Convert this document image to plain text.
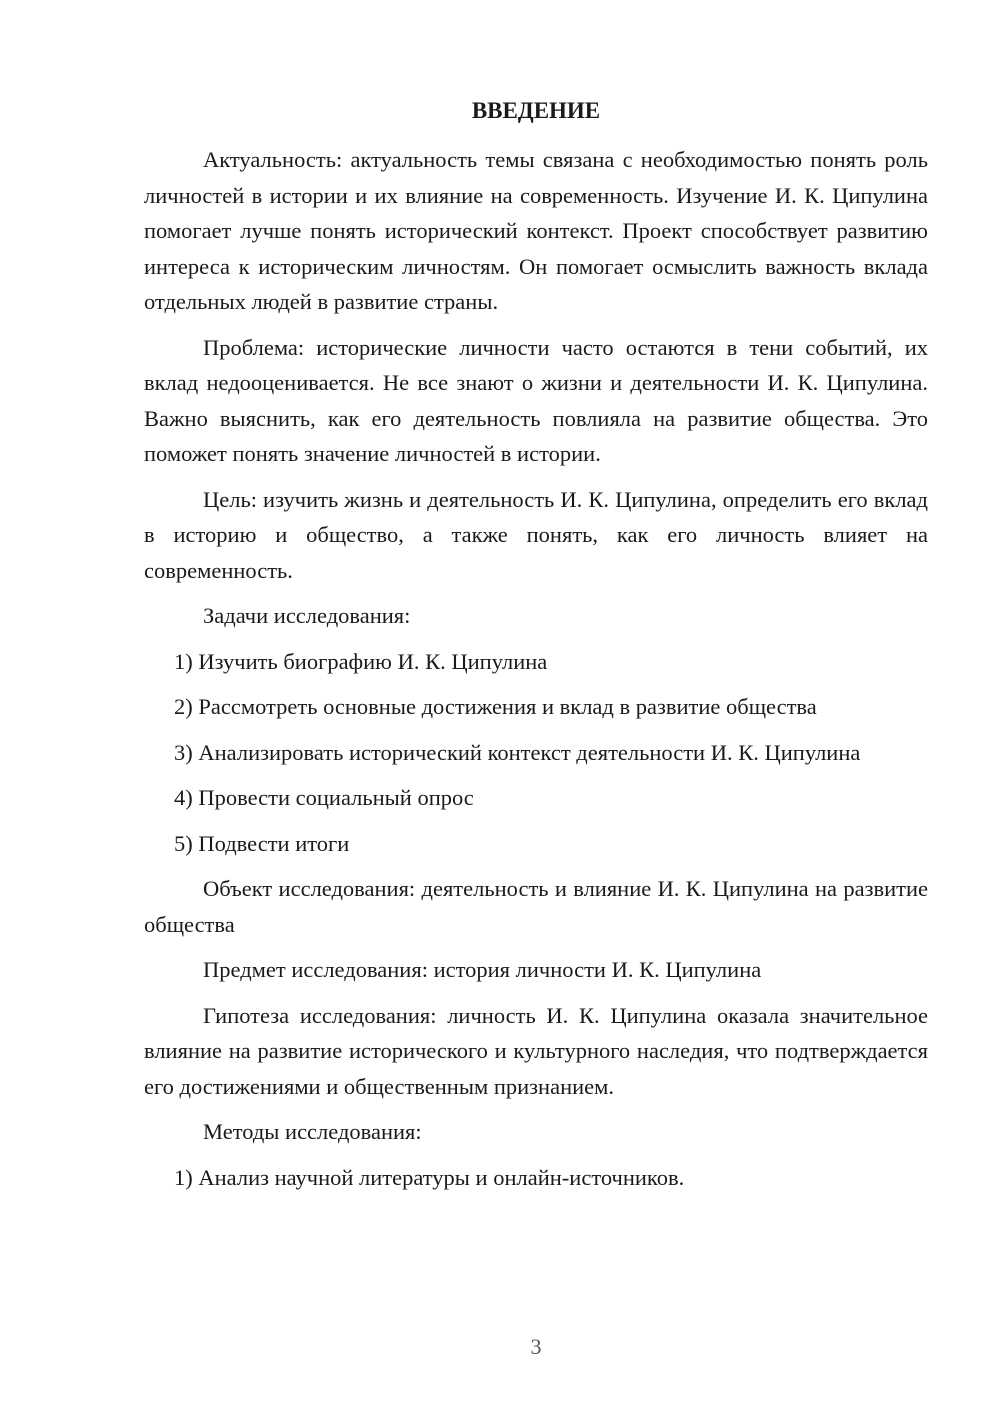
ВВЕДЕНИЕ

Актуальность: актуальность темы связана с необходимостью понять роль личностей в истории и их влияние на современность. Изучение И. К. Ципулина помогает лучше понять исторический контекст. Проект способствует развитию интереса к историческим личностям. Он помогает осмыслить важность вклада отдельных людей в развитие страны.

Проблема: исторические личности часто остаются в тени событий, их вклад недооценивается. Не все знают о жизни и деятельности И. К. Ципулина. Важно выяснить, как его деятельность повлияла на развитие общества. Это поможет понять значение личностей в истории.

Цель: изучить жизнь и деятельность И. К. Ципулина, определить его вклад в историю и общество, а также понять, как его личность влияет на современность.

Задачи исследования:

1) Изучить биографию И. К. Ципулина

2) Рассмотреть основные достижения и вклад в развитие общества

3) Анализировать исторический контекст деятельности И. К. Ципулина

4) Провести социальный опрос

5) Подвести итоги

Объект исследования: деятельность и влияние И. К. Ципулина на развитие общества

Предмет исследования: история личности И. К. Ципулина

Гипотеза исследования: личность И. К. Ципулина оказала значительное влияние на развитие исторического и культурного наследия, что подтверждается его достижениями и общественным признанием.

Методы исследования:

1) Анализ научной литературы и онлайн-источников.

3
